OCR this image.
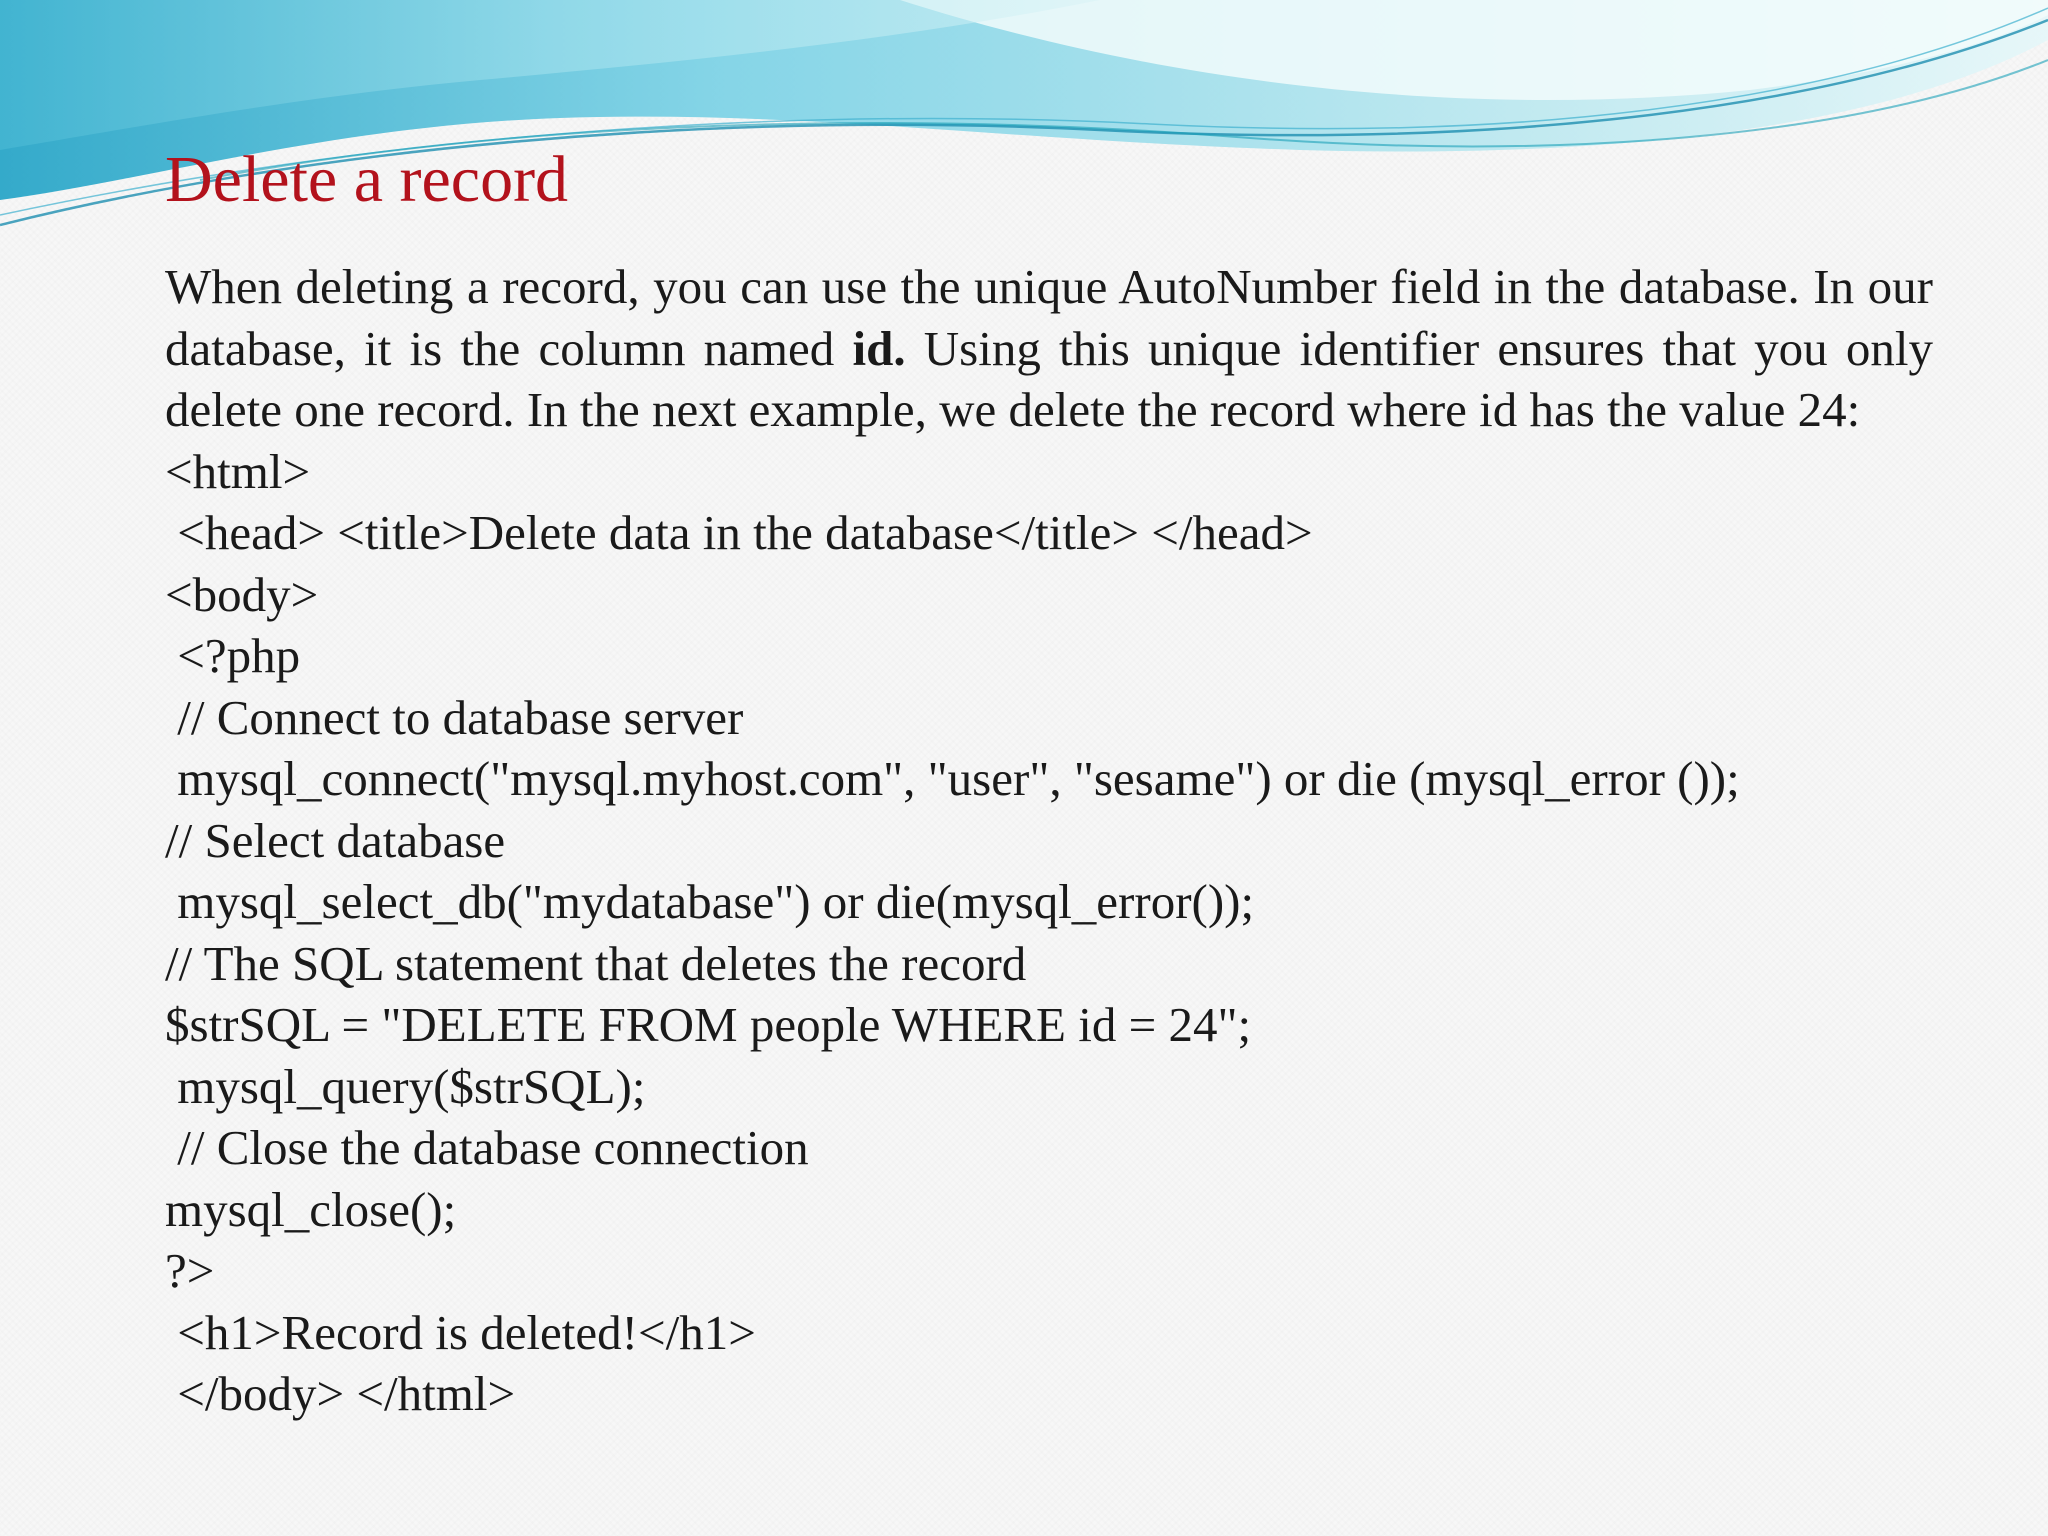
Delete a record

When deleting a record, you can use the unique AutoNumber field in the database. In our database, it is the column named id. Using this unique identifier ensures that you only delete one record. In the next example, we delete the record where id has the value 24:

<html>

<head> <title>Delete data in the database</title> </head>

<body>

<?php

// Connect to database server

mysql_connect("mysql.myhost.com", "user", "sesame") or die (mysql_error ());

// Select database

mysql_select_db("mydatabase") or die(mysql_error());

// The SQL statement that deletes the record

$strSQL = "DELETE FROM people WHERE id = 24";

mysql_query($strSQL);

// Close the database connection

mysql_close();

?>

<h1>Record is deleted!</h1>

</body> </html>
